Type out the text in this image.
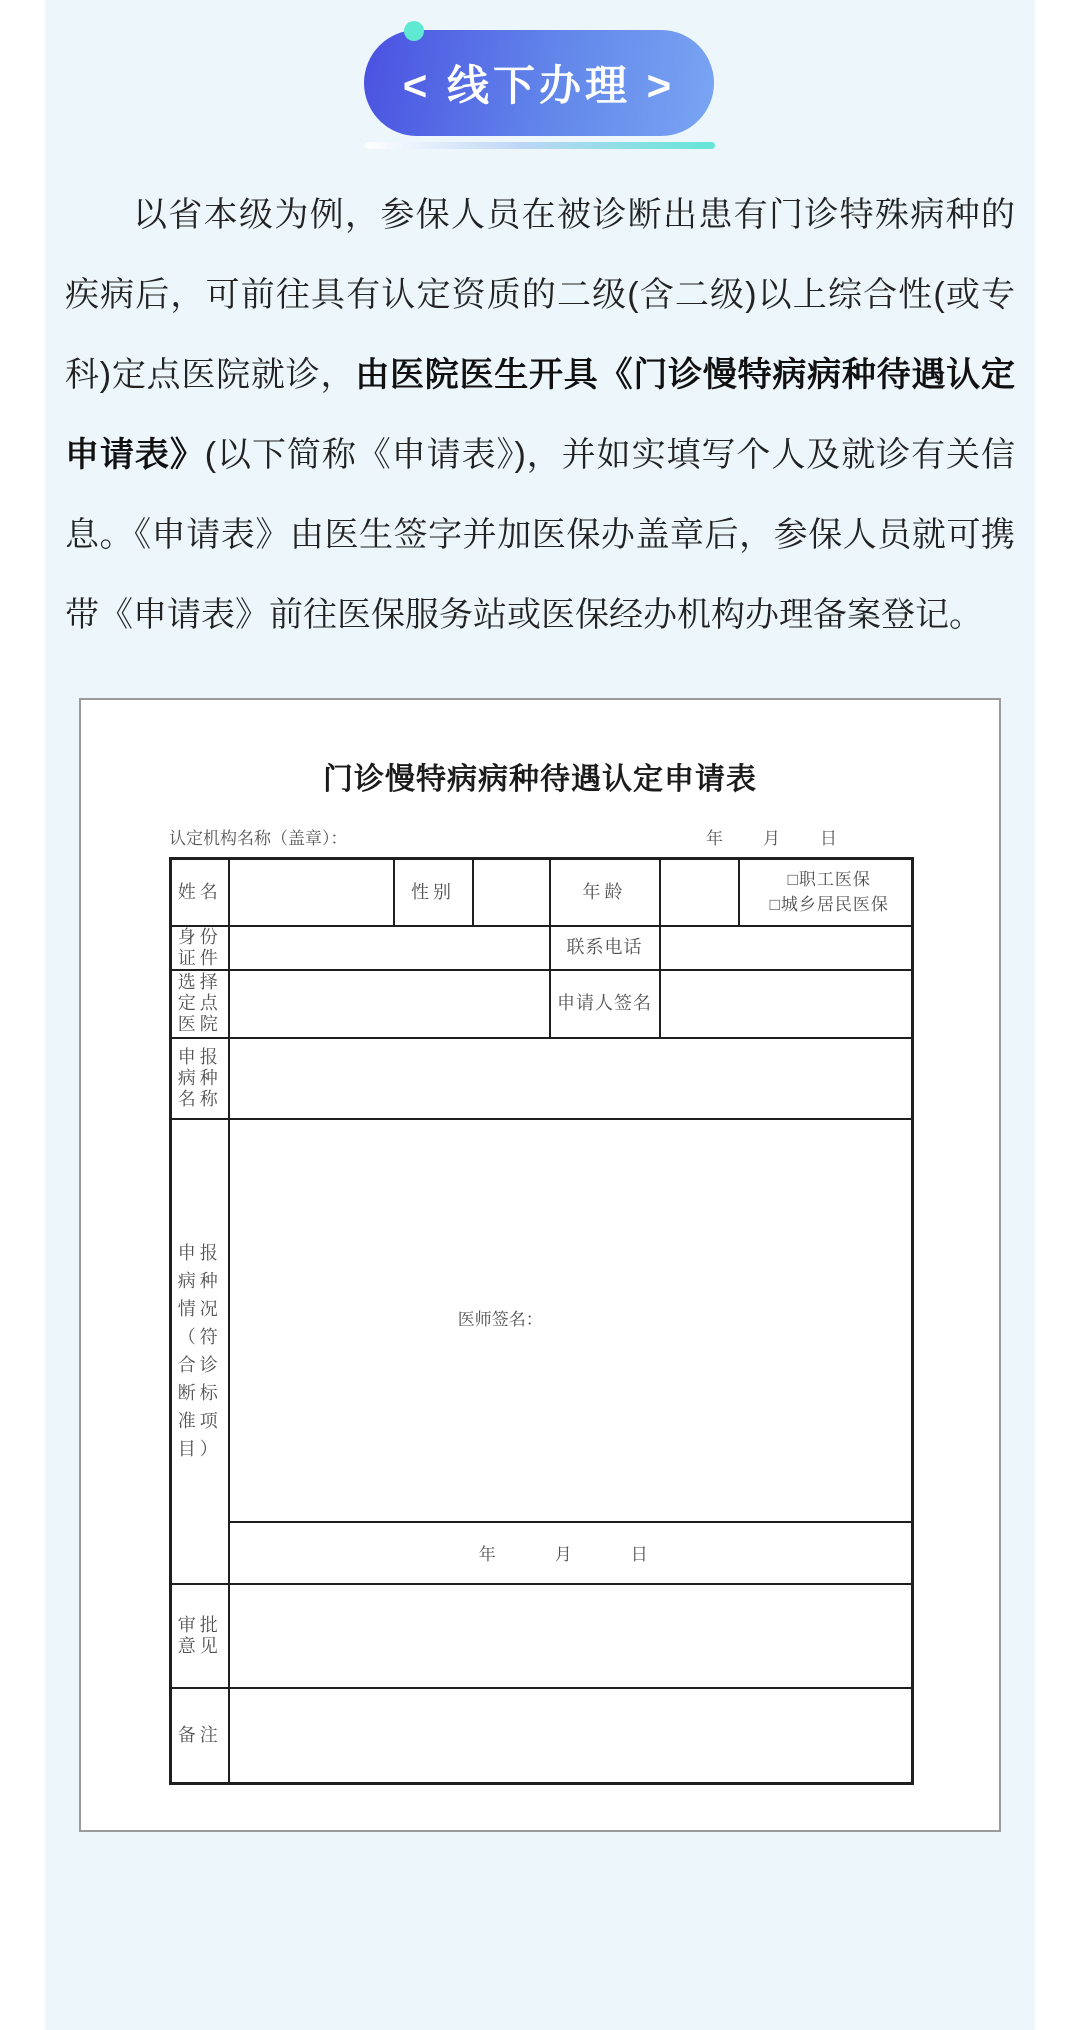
< 线下办理 >

以省本级为例，参保人员在被诊断出患有门诊特殊病种的疾病后，可前往具有认定资质的二级(含二级)以上综合性(或专科)定点医院就诊，由医院医生开具《门诊慢特病病种待遇认定申请表》(以下简称《申请表》)，并如实填写个人及就诊有关信息。《申请表》由医生签字并加医保办盖章后，参保人员就可携带《申请表》前往医保服务站或医保经办机构办理备案登记。

门诊慢特病病种待遇认定申请表
认定机构名称（盖章）：	年　　月　　日
姓名		性别		年龄		□职工医保
□城乡居民医保

身份证件				联系电话		
选择定点医院				申请人签名		
申报病种名称						
申报病种情况（符合诊断标准项目）	医师签名：					
	年　　　月　　　日					
审批意见						
备注						
